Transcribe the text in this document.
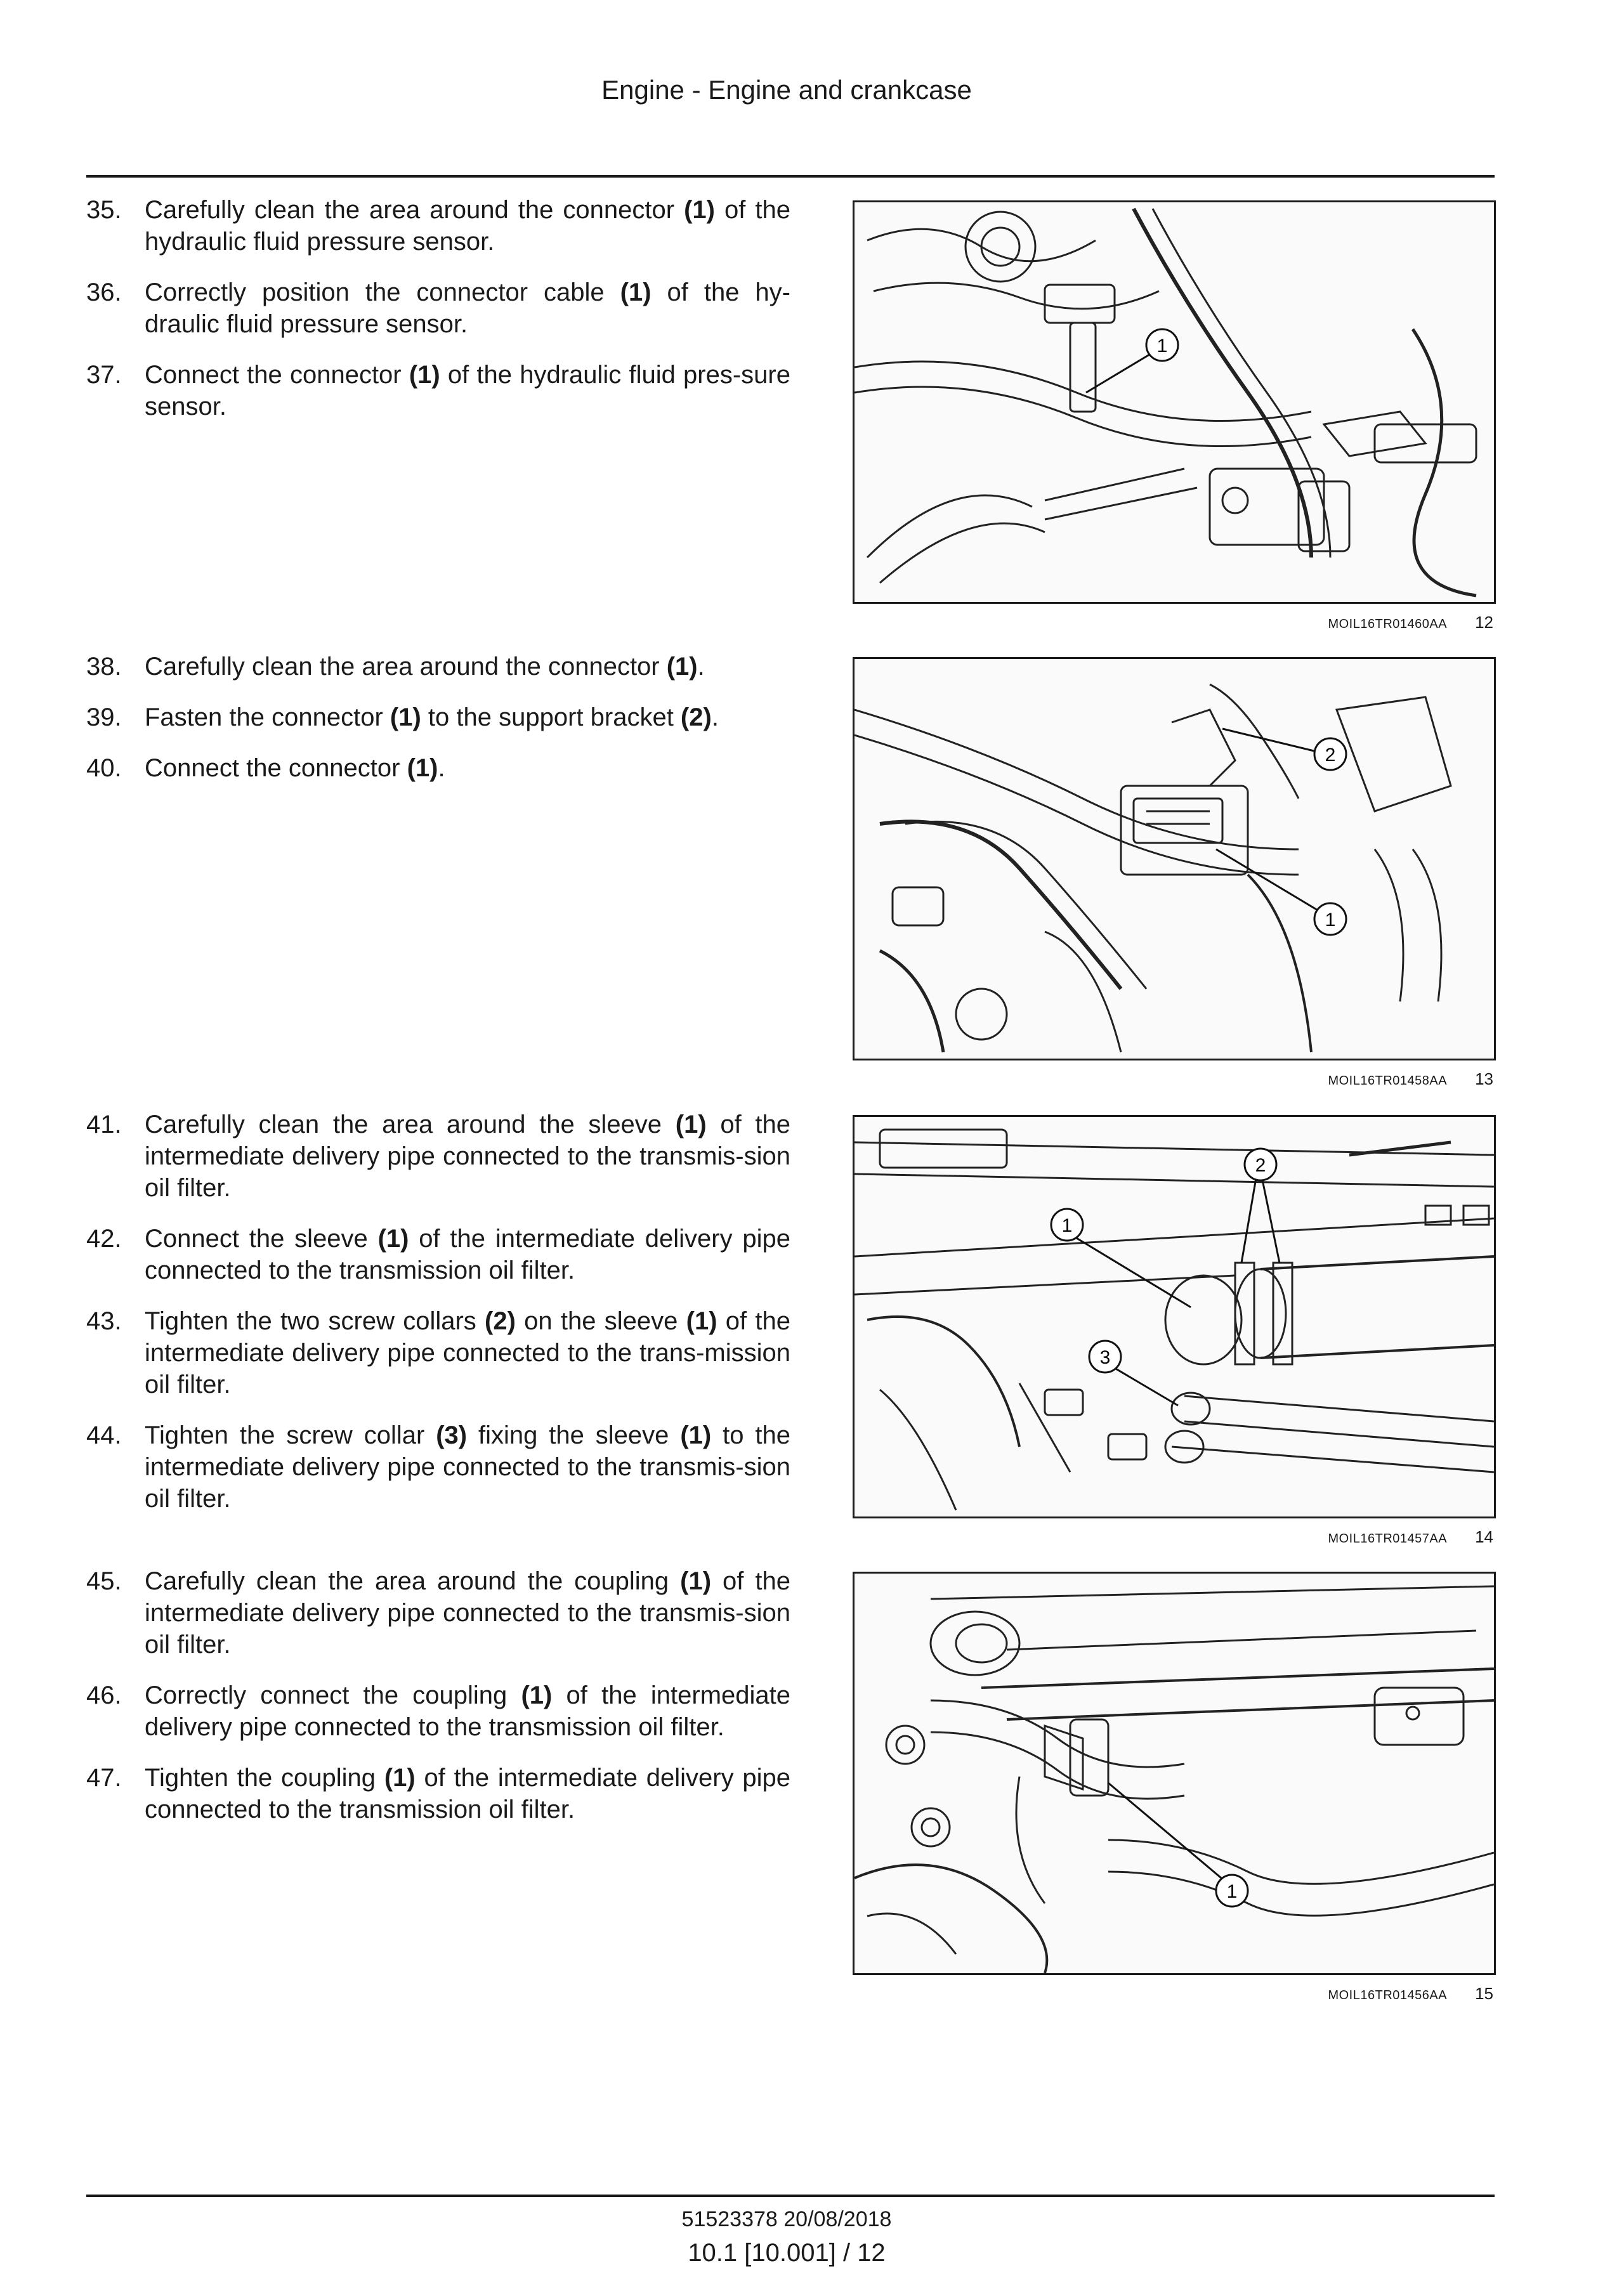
Engine - Engine and crankcase
35. Carefully clean the area around the connector (1) of the hydraulic fluid pressure sensor.
36. Correctly position the connector cable (1) of the hy-draulic fluid pressure sensor.
37. Connect the connector (1) of the hydraulic fluid pres-sure sensor.
1
MOIL16TR01460AA 12
38. Carefully clean the area around the connector (1).
39. Fasten the connector (1) to the support bracket (2).
40. Connect the connector (1).	2
1
MOIL16TR01458AA 13
41. Carefully clean the area around the sleeve (1) of the intermediate delivery pipe connected to the transmis-sion oil filter.
42. Connect the sleeve (1) of the intermediate delivery pipe connected to the transmission oil filter.
43. Tighten the two screw collars (2) on the sleeve (1) of the intermediate delivery pipe connected to the trans-mission oil filter.
44. Tighten the screw collar (3) fixing the sleeve (1) to the intermediate delivery pipe connected to the transmis-sion oil filter.
2
1
3
MOIL16TR01457AA 14
45. Carefully clean the area around the coupling (1) of the intermediate delivery pipe connected to the transmis-sion oil filter.
46. Correctly connect the coupling (1) of the intermediate delivery pipe connected to the transmission oil filter.
47. Tighten the coupling (1) of the intermediate delivery pipe connected to the transmission oil filter.
1
MOIL16TR01456AA 15
51523378 20/08/2018
10.1 [10.001] / 12
